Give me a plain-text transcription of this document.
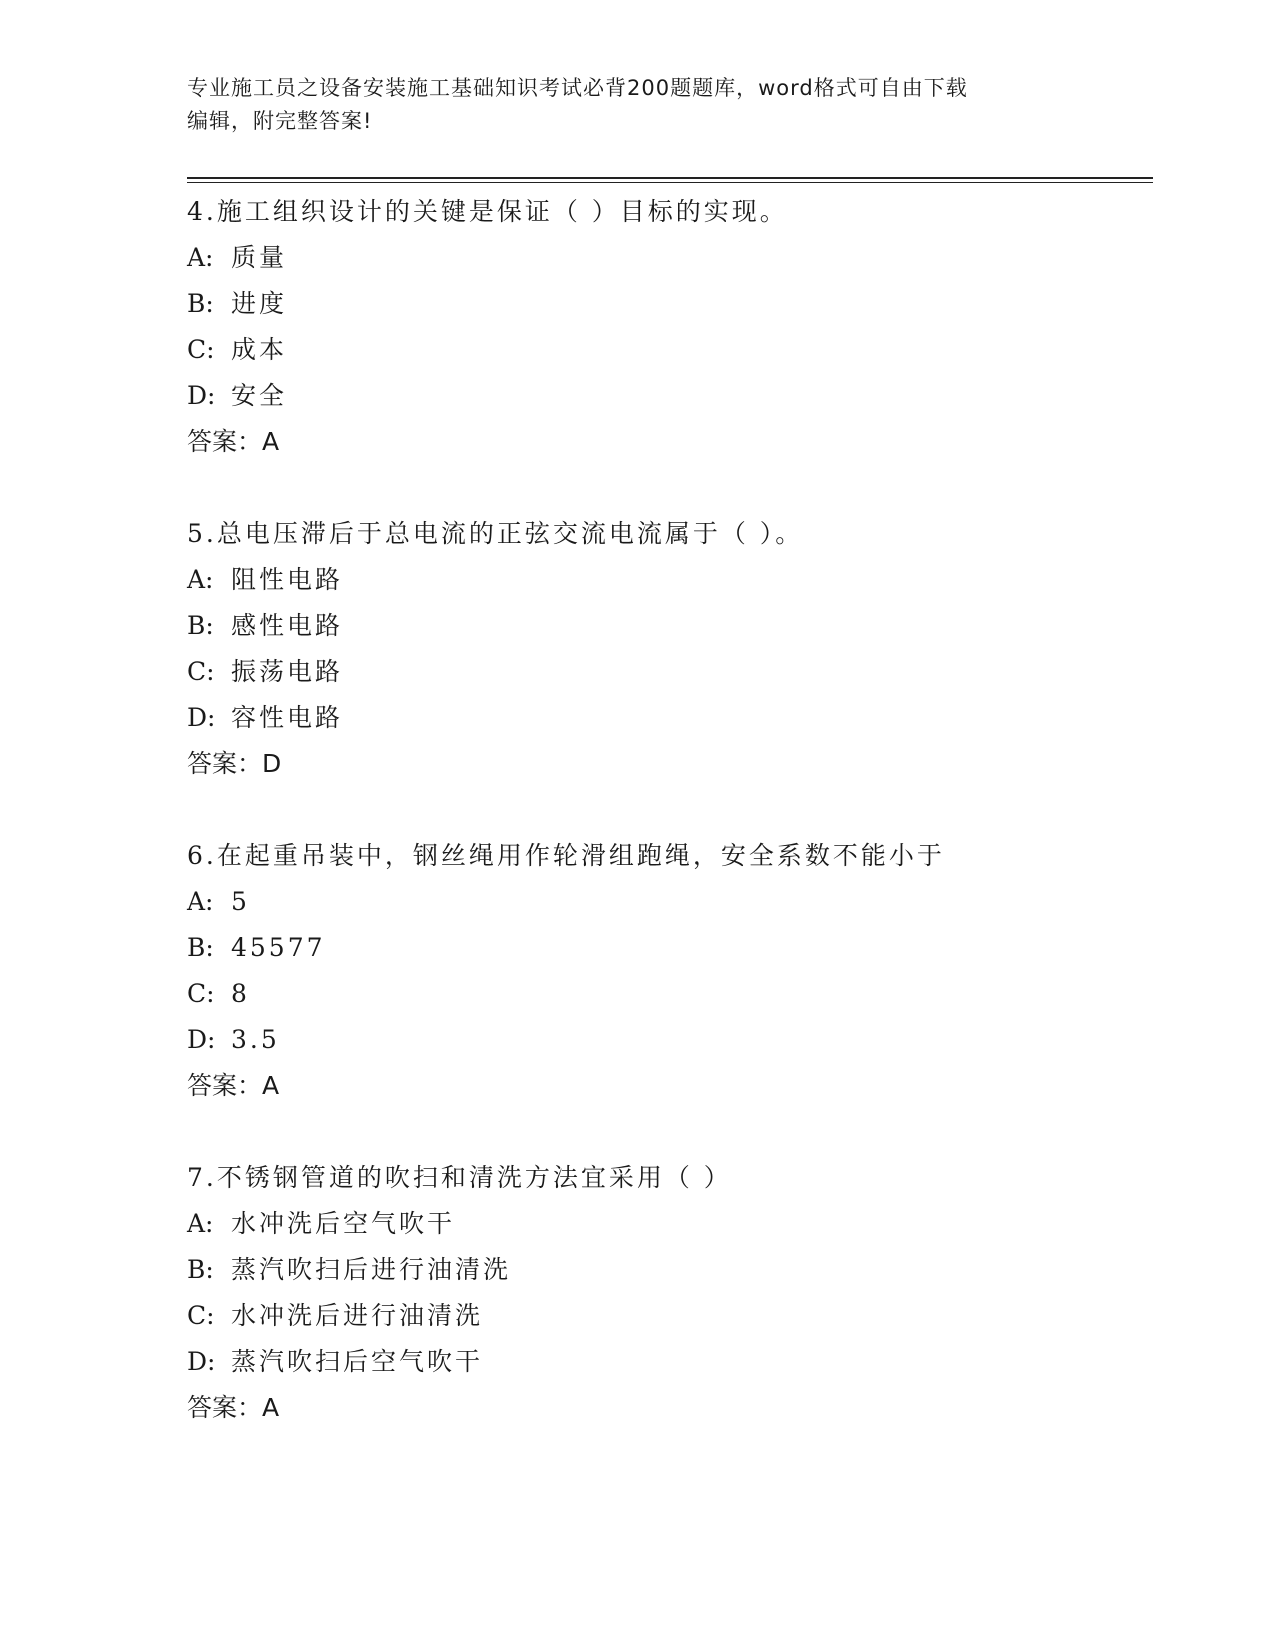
专业施工员之设备安装施工基础知识考试必背200题题库，word格式可自由下载
编辑，附完整答案!
4.施工组织设计的关键是保证（ ）目标的实现。
A: 质量
B: 进度
C: 成本
D: 安全
答案：A
5.总电压滞后于总电流的正弦交流电流属于（ ）。
A: 阻性电路
B: 感性电路
C: 振荡电路
D: 容性电路
答案：D
6.在起重吊装中，钢丝绳用作轮滑组跑绳，安全系数不能小于
A: 5
B: 45577
C: 8
D: 3.5
答案：A
7.不锈钢管道的吹扫和清洗方法宜采用（ ）
A: 水冲洗后空气吹干
B: 蒸汽吹扫后进行油清洗
C: 水冲洗后进行油清洗
D: 蒸汽吹扫后空气吹干
答案：A
